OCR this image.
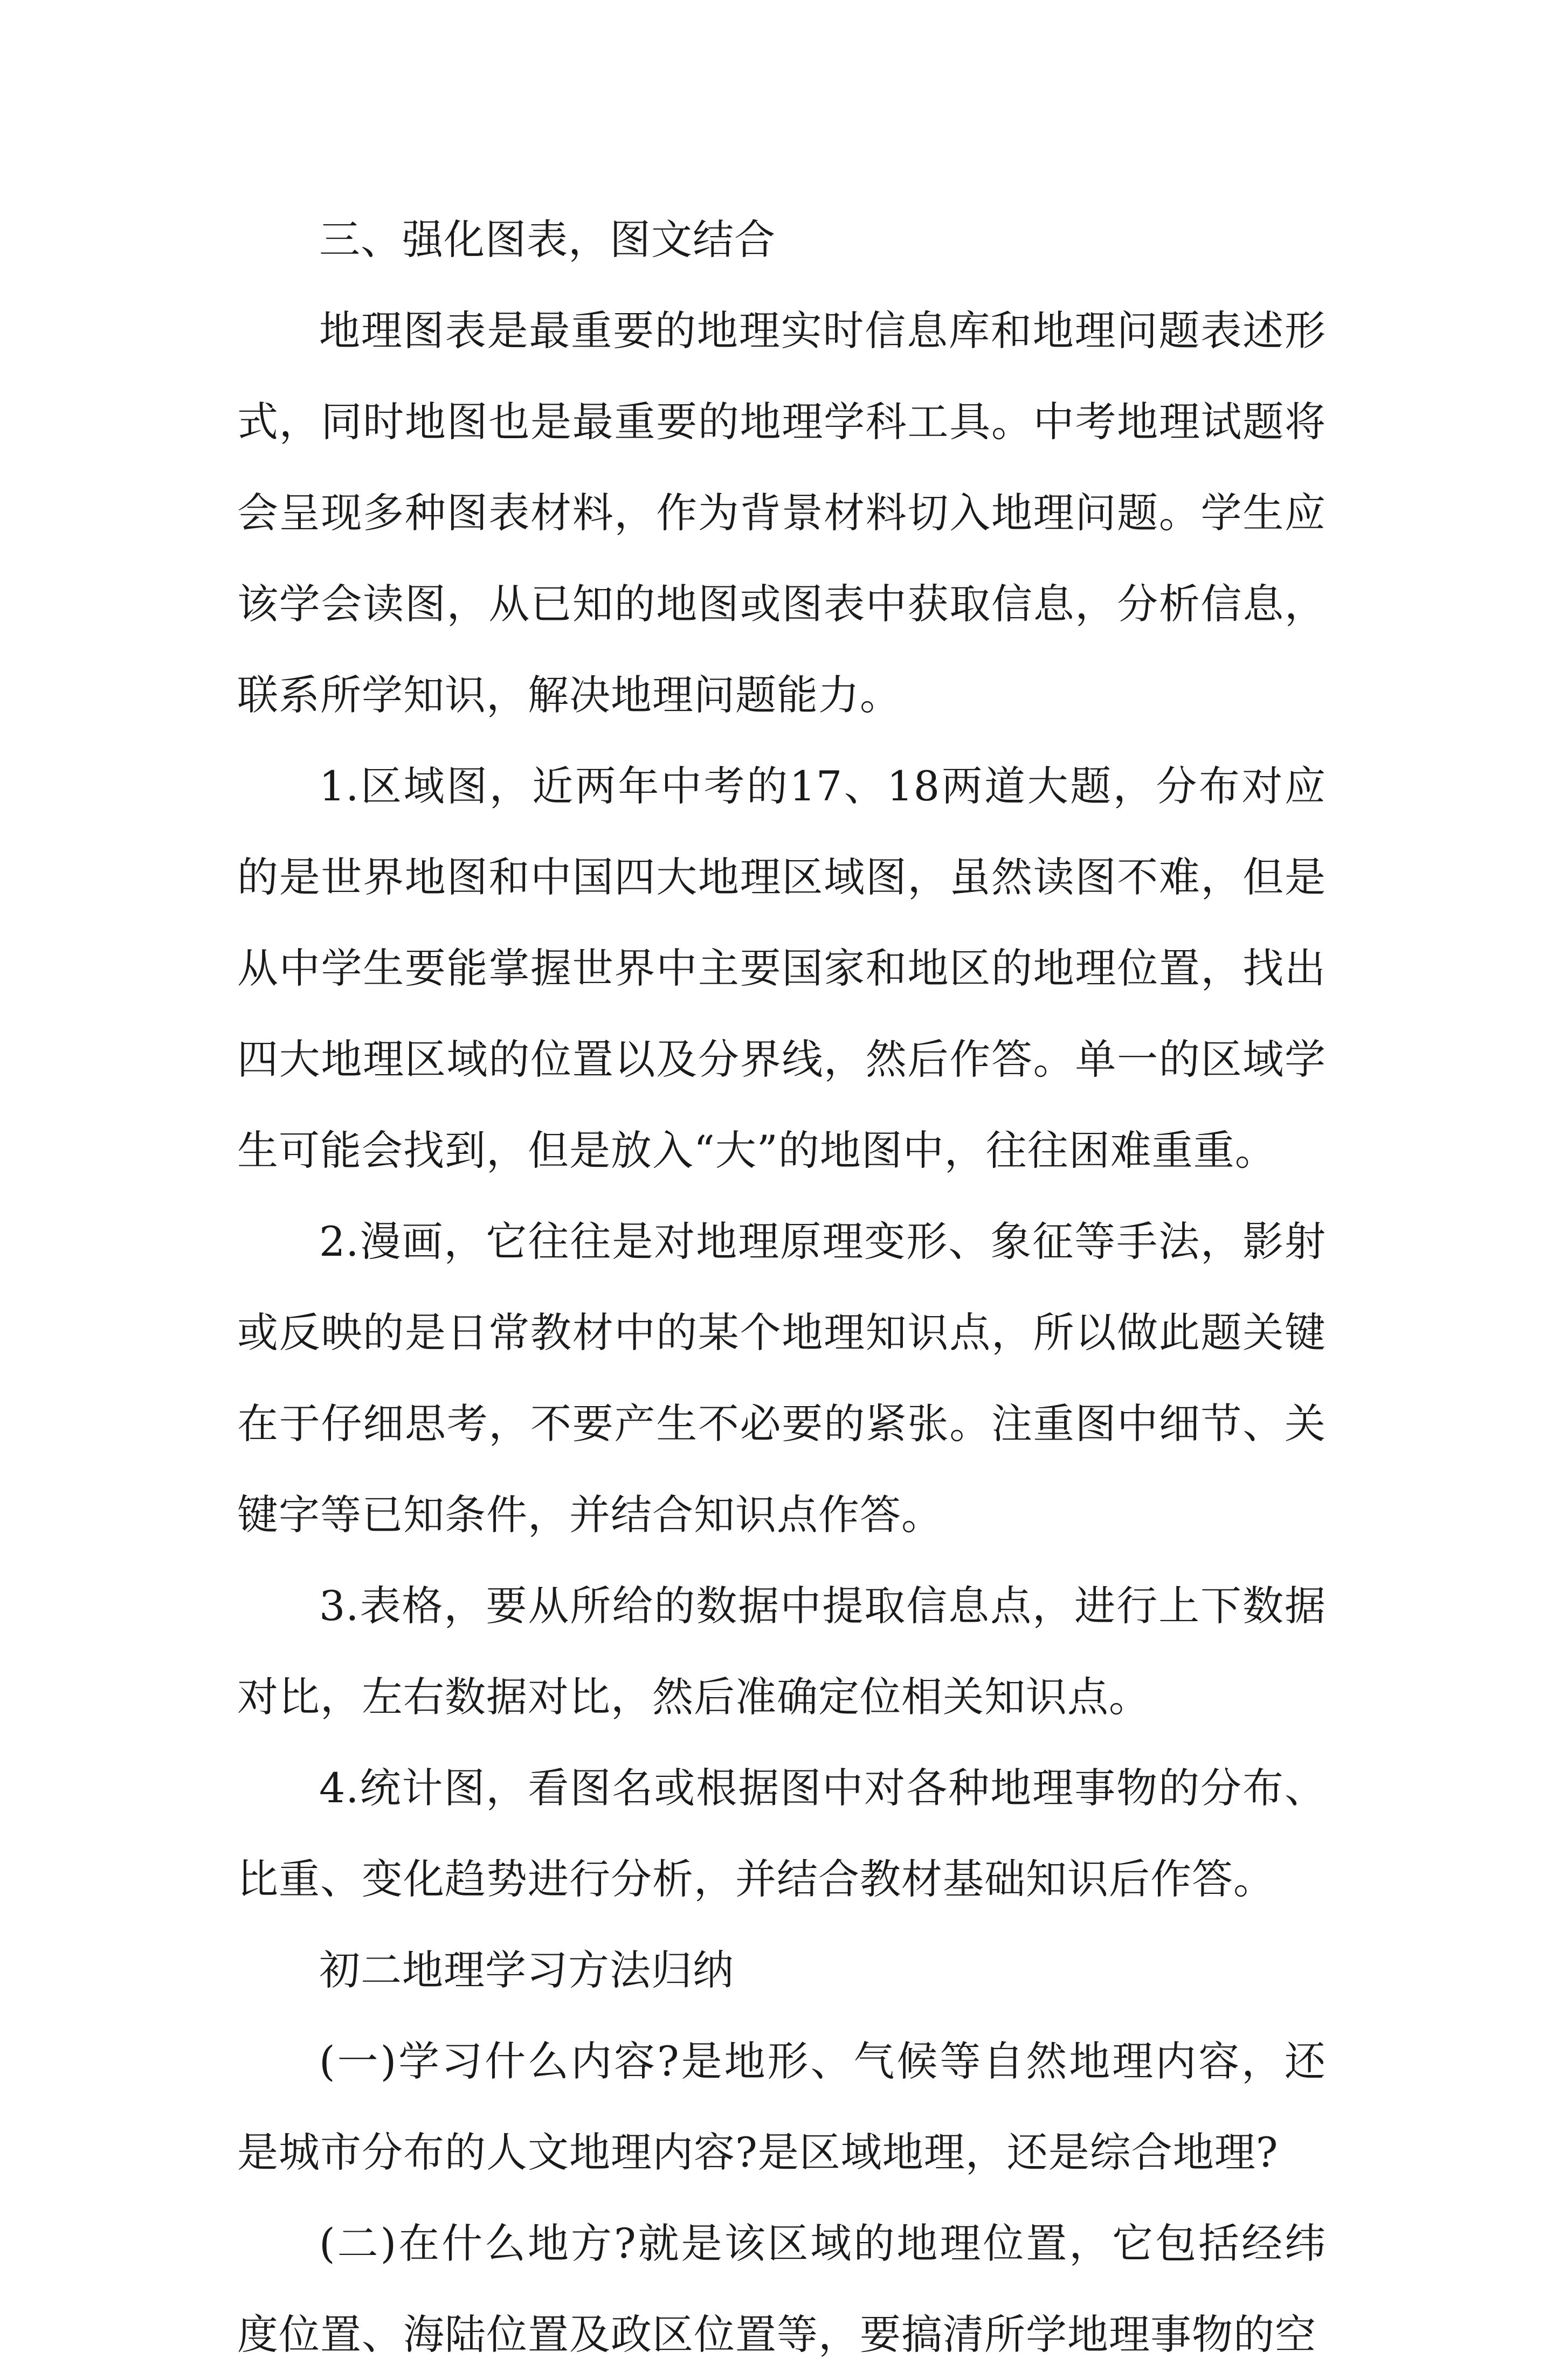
三、强化图表，图文结合

地理图表是最重要的地理实时信息库和地理问题表述形式，同时地图也是最重要的地理学科工具。中考地理试题将会呈现多种图表材料，作为背景材料切入地理问题。学生应该学会读图，从已知的地图或图表中获取信息，分析信息，联系所学知识，解决地理问题能力。

1.区域图，近两年中考的17、18两道大题，分布对应的是世界地图和中国四大地理区域图，虽然读图不难，但是从中学生要能掌握世界中主要国家和地区的地理位置，找出四大地理区域的位置以及分界线，然后作答。单一的区域学生可能会找到，但是放入“大”的地图中，往往困难重重。

2.漫画，它往往是对地理原理变形、象征等手法，影射或反映的是日常教材中的某个地理知识点，所以做此题关键在于仔细思考，不要产生不必要的紧张。注重图中细节、关键字等已知条件，并结合知识点作答。

3.表格，要从所给的数据中提取信息点，进行上下数据对比，左右数据对比，然后准确定位相关知识点。

4.统计图，看图名或根据图中对各种地理事物的分布、比重、变化趋势进行分析，并结合教材基础知识后作答。

初二地理学习方法归纳

(一)学习什么内容?是地形、气候等自然地理内容，还是城市分布的人文地理内容?是区域地理，还是综合地理?

(二)在什么地方?就是该区域的地理位置，它包括经纬度位置、海陆位置及政区位置等，要搞清所学地理事物的空
